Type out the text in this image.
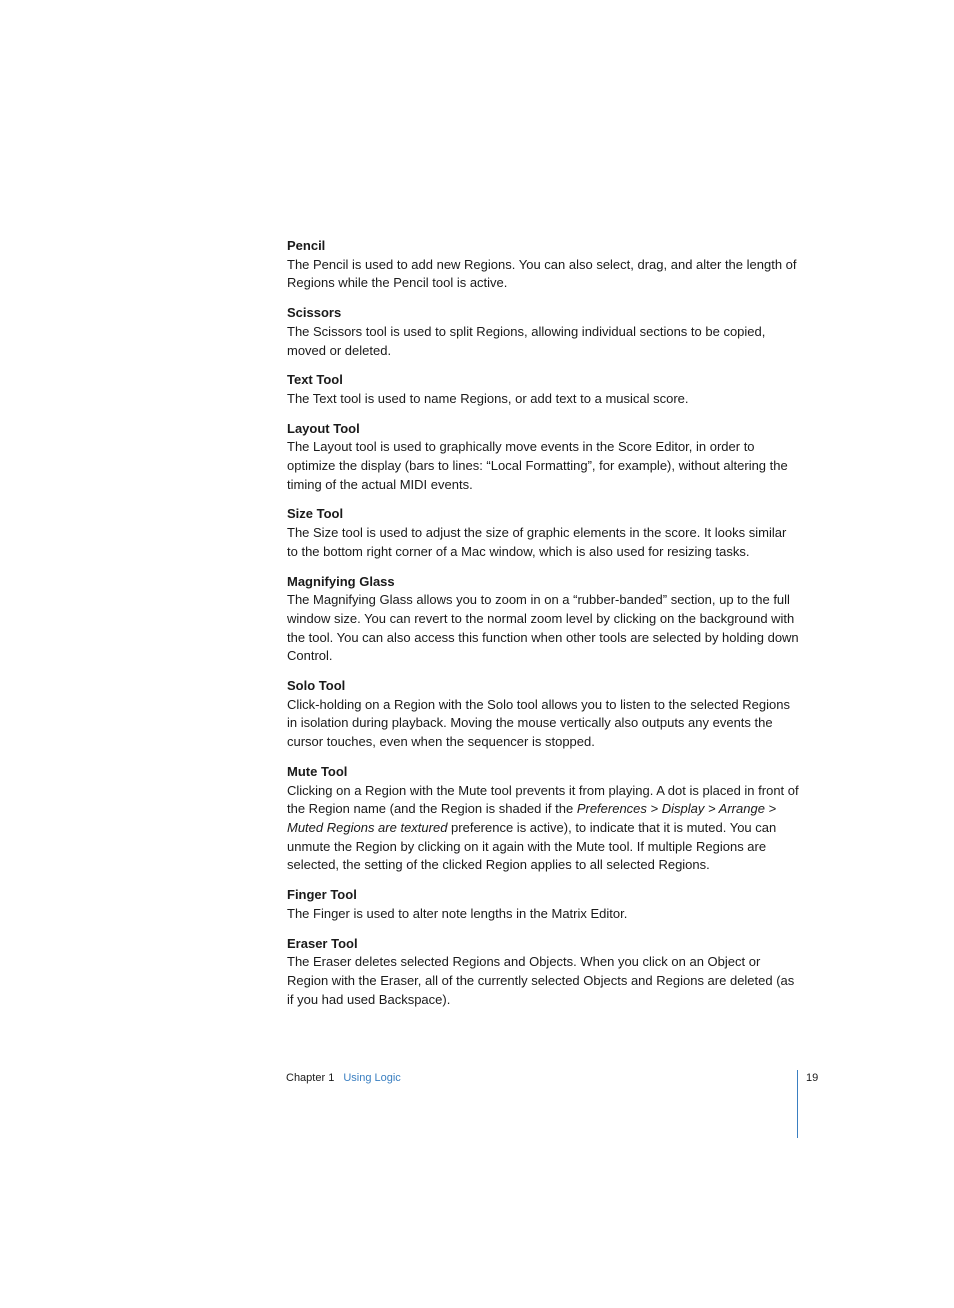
Pencil

The Pencil is used to add new Regions. You can also select, drag, and alter the length of Regions while the Pencil tool is active.

Scissors

The Scissors tool is used to split Regions, allowing individual sections to be copied, moved or deleted.

Text Tool

The Text tool is used to name Regions, or add text to a musical score.

Layout Tool

The Layout tool is used to graphically move events in the Score Editor, in order to optimize the display (bars to lines: “Local Formatting”, for example), without altering the timing of the actual MIDI events.

Size Tool

The Size tool is used to adjust the size of graphic elements in the score. It looks similar to the bottom right corner of a Mac window, which is also used for resizing tasks.

Magnifying Glass

The Magnifying Glass allows you to zoom in on a “rubber-banded” section, up to the full window size. You can revert to the normal zoom level by clicking on the background with the tool. You can also access this function when other tools are selected by holding down Control.

Solo Tool

Click-holding on a Region with the Solo tool allows you to listen to the selected Regions in isolation during playback. Moving the mouse vertically also outputs any events the cursor touches, even when the sequencer is stopped.

Mute Tool

Clicking on a Region with the Mute tool prevents it from playing. A dot is placed in front of the Region name (and the Region is shaded if the Preferences > Display > Arrange > Muted Regions are textured preference is active), to indicate that it is muted. You can unmute the Region by clicking on it again with the Mute tool. If multiple Regions are selected, the setting of the clicked Region applies to all selected Regions.

Finger Tool

The Finger is used to alter note lengths in the Matrix Editor.

Eraser Tool

The Eraser deletes selected Regions and Objects. When you click on an Object or Region with the Eraser, all of the currently selected Objects and Regions are deleted (as if you had used Backspace).

Chapter 1 Using Logic	19
